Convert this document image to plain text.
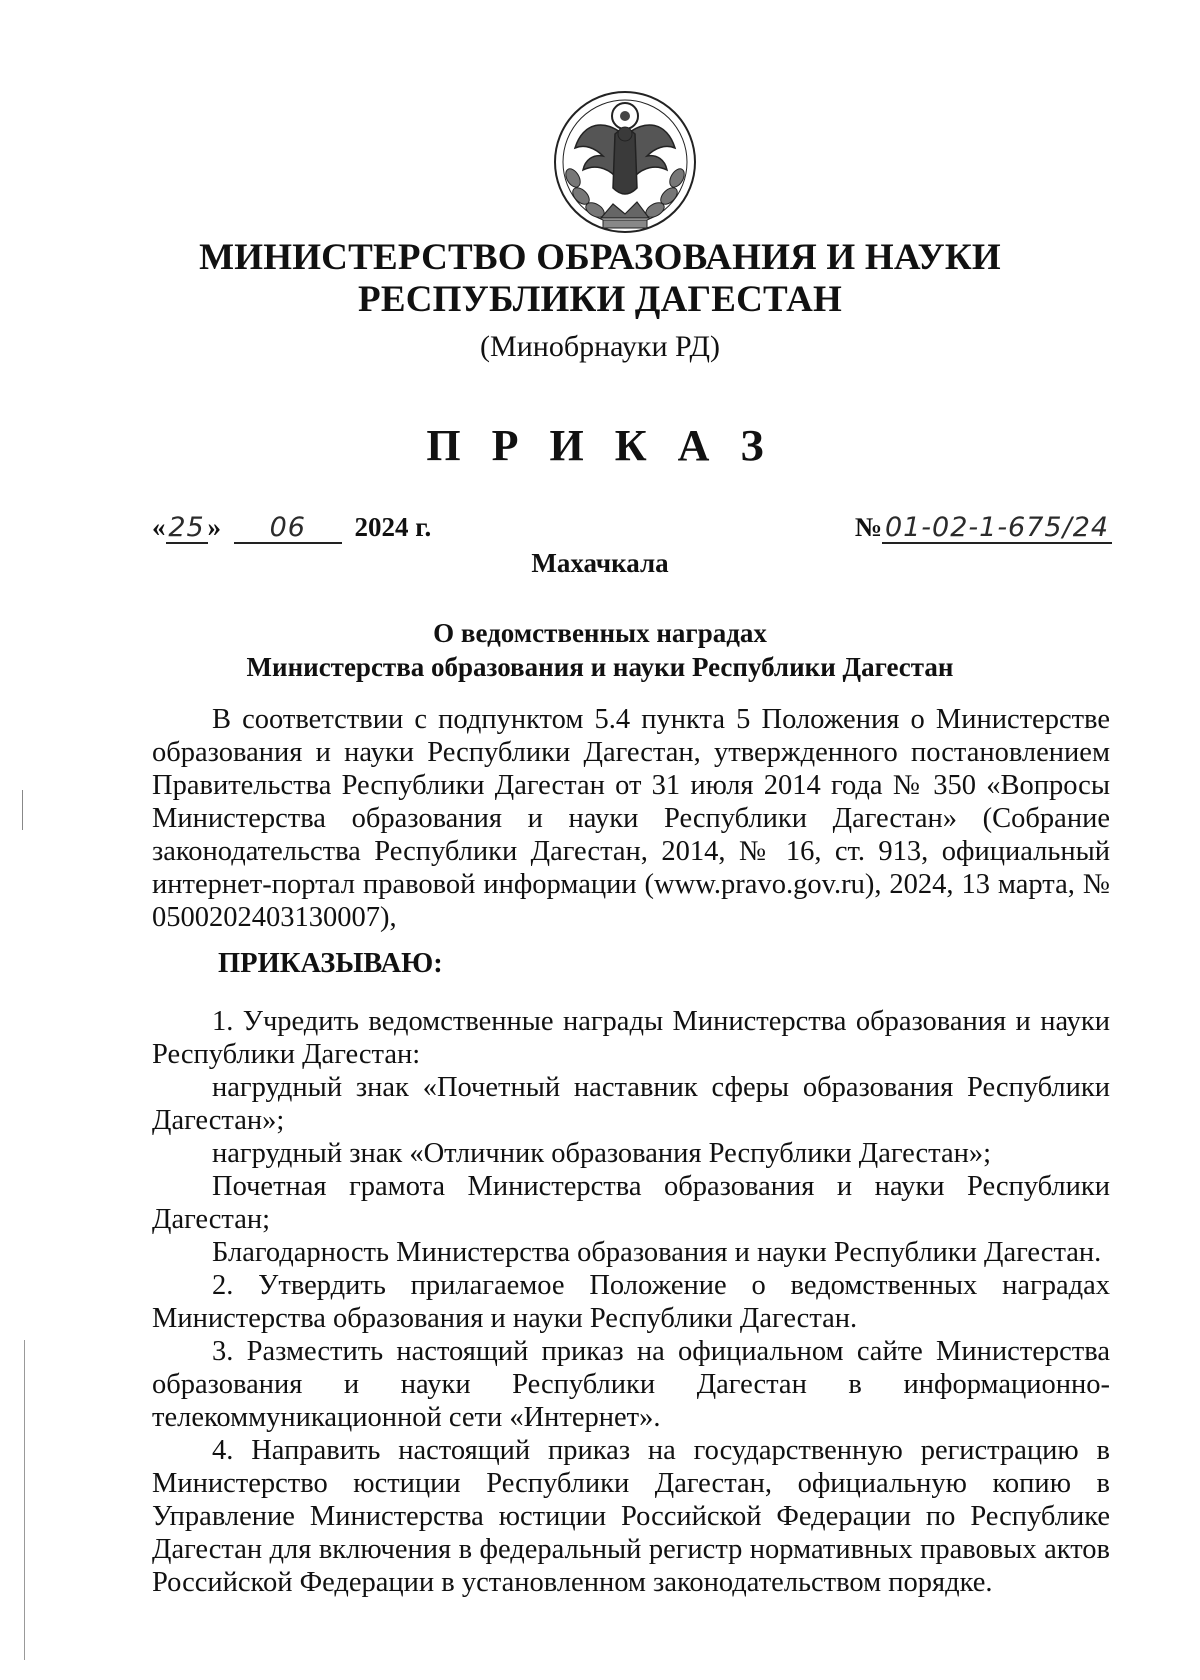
МИНИСТЕРСТВО ОБРАЗОВАНИЯ И НАУКИ
РЕСПУБЛИКИ ДАГЕСТАН
(Минобрнауки РД)
П Р И К А З
« 25 » 06 2024 г.	№ 01-02-1-675/24
Махачкала
О ведомственных наградах
Министерства образования и науки Республики Дагестан

В соответствии с подпунктом 5.4 пункта 5 Положения о Министерстве образования и науки Республики Дагестан, утвержденного постановлением Правительства Республики Дагестан от 31 июля 2014 года № 350 «Вопросы Министерства образования и науки Республики Дагестан» (Собрание законодательства Республики Дагестан, 2014, № 16, ст. 913, официальный интернет-портал правовой информации (www.pravo.gov.ru), 2024, 13 марта, № 0500202403130007),

ПРИКАЗЫВАЮ:

1. Учредить ведомственные награды Министерства образования и науки Республики Дагестан:

нагрудный знак «Почетный наставник сферы образования Республики Дагестан»;

нагрудный знак «Отличник образования Республики Дагестан»;

Почетная грамота Министерства образования и науки Республики Дагестан;

Благодарность Министерства образования и науки Республики Дагестан.

2. Утвердить прилагаемое Положение о ведомственных наградах Министерства образования и науки Республики Дагестан.

3. Разместить настоящий приказ на официальном сайте Министерства образования и науки Республики Дагестан в информационно-телекоммуникационной сети «Интернет».

4. Направить настоящий приказ на государственную регистрацию в Министерство юстиции Республики Дагестан, официальную копию в Управление Министерства юстиции Российской Федерации по Республике Дагестан для включения в федеральный регистр нормативных правовых актов Российской Федерации в установленном законодательством порядке.
